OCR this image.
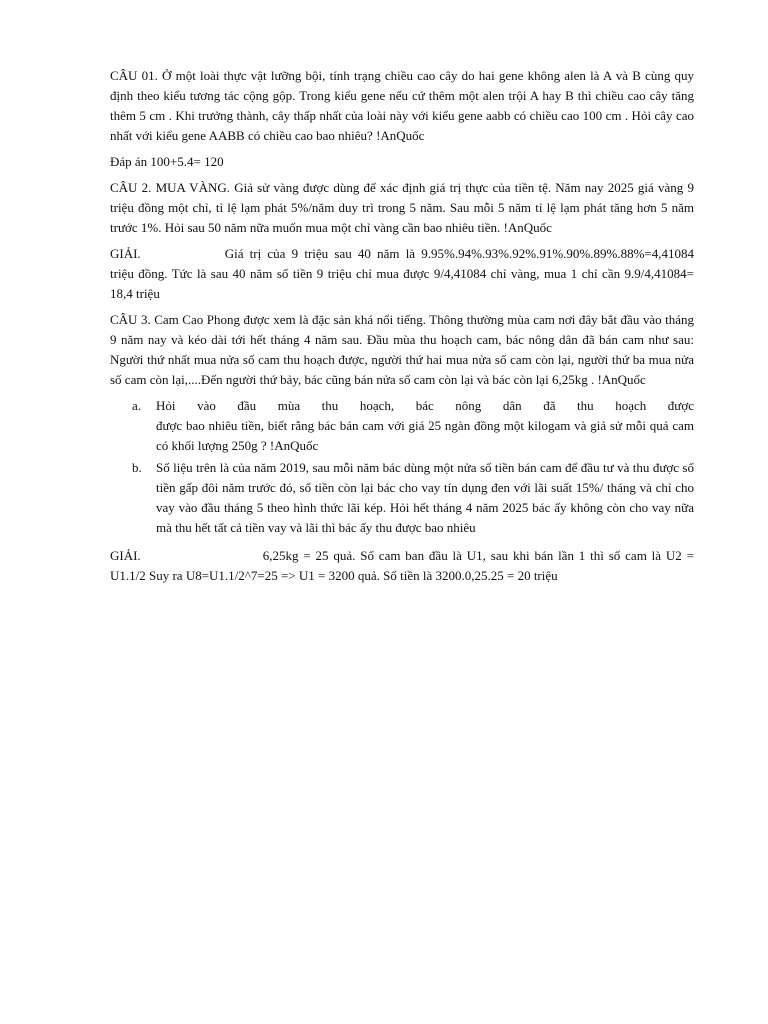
CÂU 01. Ở một loài thực vật lưỡng bội, tính trạng chiều cao cây do hai gene không alen là A và B cùng quy định theo kiểu tương tác cộng gộp. Trong kiểu gene nếu cứ thêm một alen trội A hay B thì chiều cao cây tăng thêm 5 cm . Khi trưởng thành, cây thấp nhất của loài này với kiểu gene aabb có chiều cao 100 cm . Hỏi cây cao nhất với kiểu gene AABB có chiều cao bao nhiêu? !AnQuốc

Đáp án 100+5.4= 120

CÂU 2. MUA VÀNG. Giả sử vàng được dùng để xác định giá trị thực của tiền tệ. Năm nay 2025 giá vàng 9 triệu đồng một chỉ, tỉ lệ lạm phát 5%/năm duy trì trong 5 năm. Sau mỗi 5 năm tỉ lệ lạm phát tăng hơn 5 năm trước 1%. Hỏi sau 50 năm nữa muốn mua một chỉ vàng cần bao nhiêu tiền. !AnQuốc

GIẢI.	Giá trị của 9 triệu sau 40 năm là 9.95%.94%.93%.92%.91%.90%.89%.88%=4,41084 triệu đồng. Tức là sau 40 năm số tiền 9 triệu chỉ mua được 9/4,41084 chỉ vàng, mua 1 chỉ cần 9.9/4,41084= 18,4 triệu

CÂU 3. Cam Cao Phong được xem là đặc sản khá nổi tiếng. Thông thường mùa cam nơi đây bắt đầu vào tháng 9 năm nay và kéo dài tới hết tháng 4 năm sau. Đầu mùa thu hoạch cam, bác nông dân đã bán cam như sau: Người thứ nhất mua nửa số cam thu hoạch được, người thứ hai mua nửa số cam còn lại, người thứ ba mua nửa số cam còn lại,....Đến người thứ bảy, bác cũng bán nửa số cam còn lại và bác còn lại 6,25kg . !AnQuốc

a.	Hỏi vào đầu mùa thu hoạch, bác nông dân đã thu hoạch được
được bao nhiêu tiền, biết rằng bác bán cam với giá 25 ngàn đồng một kilogam và giả sử mỗi quả cam có khối lượng 250g ? !AnQuốc
b.	Số liệu trên là của năm 2019, sau mỗi năm bác dùng một nửa số tiền bán cam để đầu tư và thu được số tiền gấp đôi năm trước đó, số tiền còn lại bác cho vay tín dụng đen với lãi suất 15%/ tháng và chỉ cho vay vào đầu tháng 5 theo hình thức lãi kép. Hỏi hết tháng 4 năm 2025 bác ấy không còn cho vay nữa mà thu hết tất cả tiền vay và lãi thì bác ấy thu được bao nhiêu

GIẢI.	6,25kg = 25 quả. Số cam ban đầu là U1, sau khi bán lần 1 thì số cam là U2 = U1.1/2 Suy ra U8=U1.1/2^7=25 => U1 = 3200 quả. Số tiền là 3200.0,25.25 = 20 triệu
